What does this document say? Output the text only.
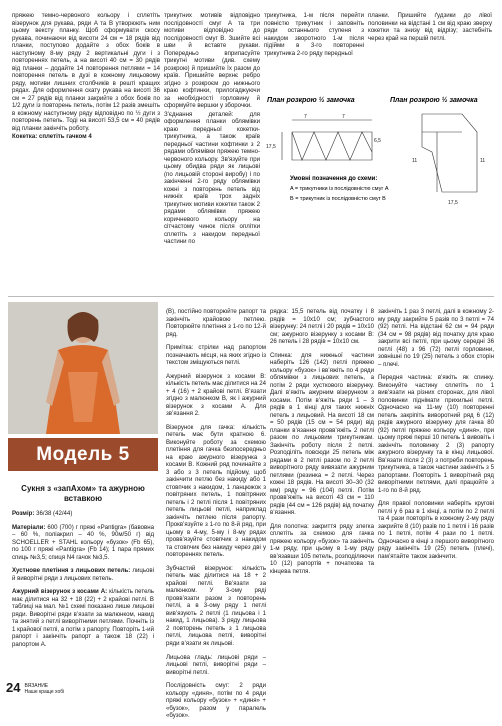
пряжею темно-червоного кольору і сплетіть візерунок для рукава, ряди A та B утворюють ним цьому вексту планку. Щоб сформувати скосу рукава, починаючи від висоти 24 см = 18 рядів від планки, поступово додайте з обох боків в наступному 8-му ряду 2 вертикальні дуги і з повтореннях петель, а на висоті 40 см = 30 рядів від планки – додайте 14 повторення петлями = 14 повторення петель в дузі в кожному лицьовому ряду, мотиви лишних столбчиків в решті кращих рядах. Для оформлення скату рукава на висоті 36 см = 27 рядів від планки закрийте з обох боків по 1/2 дуги із повторень петель, потім 12 разів змешіть в кожному наступному ряду відповідно по ½ дуги з повторень петель. Тоді на висоті 53,5 см = 40 рядів від планки закінчіть роботу.

Кокетка: сплетіть гачком 4

трикутних мотивів відповідно послідовності смуг A та три мотиви відповідно до послідовності смуг B. Зшийте всі шви й вставте рукави. Попередньо вприпасуйте трикутні мотиви (див. схему розкрою) й пришийте їх разом до країв. Пришийте верхнє ребро згідно з розкроєм до нижнього краю кофтинки, прилогаджуючи за необхідності горловину й сформуйте вершки у зборочки.

З'єднання деталей: для оформлення планки облямівки краю передньої кокетки-трикутника, а також країв передньої частини кофтинки з 2 рядами облямівки пряжею темно-червоного кольору. Зв'язуйте при цьому обидва ряди як лицьові (по лицьовій стороні виробу) і по закінченні 2-го ряду облямівки кожні з повторень петель від нижніх країв трох задніх трикутних мотиви кокетки також 2 рядами облямівки пряжею коричневого кольору на сітчастому чинок після оплітки сплетіть з накидом передньої частини по

трикутника, 1-м після перейти повністю трикутник і заповніть ряди останнього ступеня з накидом зворотного 1-м після підійми в 3-го повторенні трикутника 2-го ряду передньої

планки. Пришийте ґудзики до лівої половинки на відстані 1 см від краю зверху кокетки та знизу від відрізу; застебніть через край на першій петлі.

План розкрою ½ замочка	План розкрою ½ замочка
17,5
7	7
6,5
11	11
17,5
Умовні позначення до схеми:
A = трикутники із послідовністю смуг A
B = трикутник із послідовністю смуг B
Модель 5

Сукня з «запАхом» та ажурною вставкою

Розмір: 36/38 (42/44)

Матеріали: 600 (700) г пряжі «Pantigra» (бавовна – 60 %, поліакрил – 40 %, 90м/50 г) від SCHOELLER + STAHL кольору «бузок» (Fb 65), по 100 г пряжі «Pantigra» (Fb 14); 1 пара прямих спиць №3,5; спиця N4 гачок №3,5.

Хустнове плетіння з лицьових петель: лицьові й виворітні ряди з лицьових петель.

Ажурний візерунок з косами A: кількість петель має ділитися на 32 + 18 (22) + 2 крайові петлі. В таблиці на мал. №1 схемі показано лише лицьові ряди. Виворітні ряди в’язати за малюнком, накид та знятий з петлі виворітними петлями. Почніть із 1 крайової петлі, а потім з рапорту. Повторіть 1-ий рапорт і закінчіть рапорт а також 18 (22) і рапортом A.

(B), постійно повторюйте рапорт та закінчіть крайовою петлею. Повторюйте плетіння з 1-го по 12-й ряд.

Примітка: стрілки над рапортом позначають місця, на яких згідно із текстом зміщуються петлі.

Ажурний візерунок з косами B: кількість петель має ділитися на 24 + 4 (16) + 2 крайові петлі. В’язати згідно з малюнком B, як і ажурний візерунок з косами A. Для зв’язання 2.

Візерунок для гачка: кількість петель має бути кратною 6. Виконуйте роботу за схемою плетіння для гачка безпосередньо на краю ажурного візерунка з косами B. Кожний ряд починайте з 3 або з 3 петель підйому, щоб закінчити петлю без накиду або 1 стовпчик з накидом, 1 ланцюжок з повітряних петель, 1 повітряних петель і 2 петлі після 1 повітряних петель лицьові петлі, наприклад закінчіть петлею після рапорту. Прокв’язуйте з 1-го по 8-й ряд, при цьому в 4-му, 5-му і 8-му рядах провв’язуйте стовпчик з накидом та стовпчик без накиду через дві у повтореннях петель.

Зубчастий візерунок: кількість петель має ділитися на 18 + 2 крайові петлі. Вв’язати за малюнком. У 3-ому ряді провв’язати разом з повторень петлі, а в 3-ому ряду 1 петлі вив’язують 2 петлі (1 лицьова і 1 накид, 1 лицьова). 3 ряду лицьова 2 повторень петель з 1 лицьова петлі, лицьова петлі, виворітні ряди в’язати як лицьові.

Лицьова гладь: лицьові ряди – лицьові петлі, виворітні ряди – виворітні петлі.

Послідовність смуг: 2 ряди кольору «диня», потім по 4 ряди пряжі кольору «бузок» + «диня» + «бузок», разом у паралель «бузок».

рядка: 15,5 петель від початку і 8 рядів = 10х10 см; зубчастого візерунку: 24 петлі і 20 рядів = 10х10 см; ажурного візерунку з косами B: 26 петель і 28 рядів = 10х10 см.

Спинка: для нижньої частини наберіть 126 (142) петлі пряжею кольору «бузок» і вв’яжіть по 4 ряди облямівки з лицьових петель, а потім 2 ряди хусткового візерунку. Далі в’яжіть ажурним візерунком з косами. Потім в’яжіть ряди 1 – 3 рядів в 1 кінці для таких нижніх петель з лицьовий. На висоті 18 см = 50 рядів (15 см = 54 ряди) від планки в’язання провв’яжіть 2 петлі разом по лицьовим трикутникам. Закінчіть роботу після 2 петлі. Розподіліть повсюди 25 петель між рядами в 2 петлі разом по 2 петлі виворітного ряду вивязати ажурним петлями (резинка = 2 петлі. Через кожні 18 рядів. На висоті 30–30 (32 мм) ряду = 96 (104) петлі. Потім провв’яжіть на висоті 43 см = 110 рядів (44 см = 126 рядів) від початку в’язання.

Для полотна: закриття ряду злегка сплетіть за схемою для гачка пряжею кольору «бузок» та закінчіть 1-м ряду, при цьому в 1-му ряду вв’язавши 105 петель, розподіляючи 10 (12) рапортів + початкова та кінцева петля.

закінчіть 1 раз 3 петлі, далі в кожному 2-му ряду закрийте 5 разів по 3 петлі = 74 (92) петлі. На відстані 62 см = 94 ряди (34 см = 98 рядів) від початку для краю закрити всі петлі, при цьому середні 36 петлі (48) з 96 (72) петлі горловини, зовнішні по 19 (25) петель з обох сторін – плечі.

Передня частина: в’яжіть як спинку. Виконуйте частину сплетіть по 1 вив’язати на різних сторонах, для лівої половинки піднімати прихильні петлі. Одночасно на 11-му (10) повторенні петель закріпіть виворотний ряд 6 (12) рядів ажурного візерунку для гачка 80 (92) петлі пряжею кольору «диня», при цьому пряжі перші 10 петель 1 вивовіть і закінчіть половинку 2 (3) рапорту ажурного візерунку та в кінці лицьової. Вв’язати після 2 (3) з потреби повторень трикутника, а також частини закінчіть з 5 рапортами. Повторіть 1 виворітний ряд виворітними петлями, далі працюйте з 1-го по 8-й ряд.

Для правої половинки наберіть кругові петлі у 6 раз в 1 кінці, а потім по 2 петлі та 4 рази повторіть в кожному 2-му ряду закрийте 8 (10) разів по 1 петлі і 16 разів по 1 петлі, потім 4 рази по 1 петлі. Одночасно в кінці з першого виворітного ряду закінчіть 19 (25) петель (плечі), пам’ятайте також закінчити.

24 ВЯЗАНИЕ
Наше краще хобі
